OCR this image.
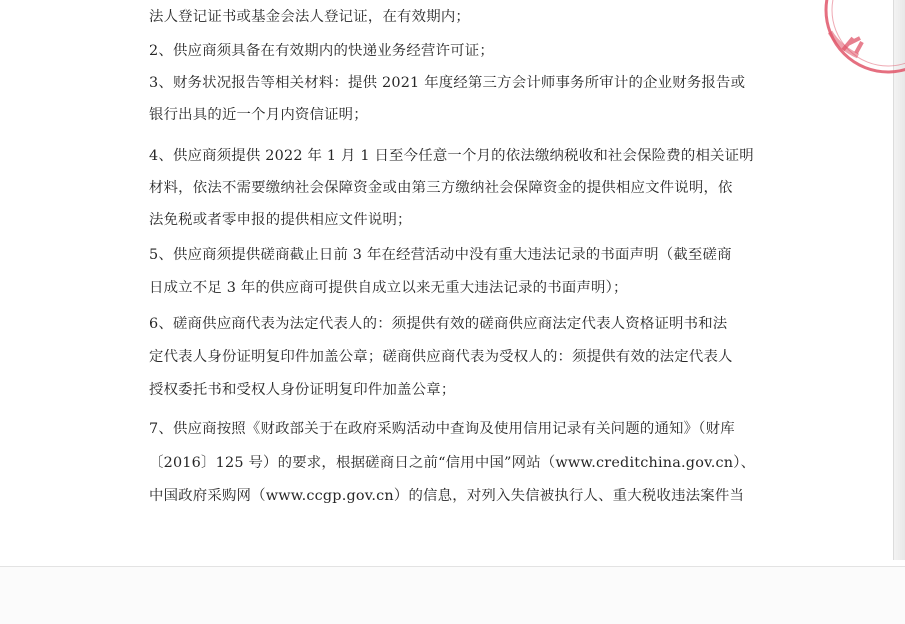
法人登记证书或基金会法人登记证，在有效期内；
2、供应商须具备在有效期内的快递业务经营许可证；
3、财务状况报告等相关材料：提供 2021 年度经第三方会计师事务所审计的企业财务报告或
银行出具的近一个月内资信证明；
4、供应商须提供 2022 年 1 月 1 日至今任意一个月的依法缴纳税收和社会保险费的相关证明
材料，依法不需要缴纳社会保障资金或由第三方缴纳社会保障资金的提供相应文件说明，依
法免税或者零申报的提供相应文件说明；
5、供应商须提供磋商截止日前 3 年在经营活动中没有重大违法记录的书面声明（截至磋商
日成立不足 3 年的供应商可提供自成立以来无重大违法记录的书面声明）；
6、磋商供应商代表为法定代表人的：须提供有效的磋商供应商法定代表人资格证明书和法
定代表人身份证明复印件加盖公章；磋商供应商代表为受权人的：须提供有效的法定代表人
授权委托书和受权人身份证明复印件加盖公章；
7、供应商按照《财政部关于在政府采购活动中查询及使用信用记录有关问题的通知》（财库
〔2016〕125 号）的要求，根据磋商日之前“信用中国”网站（www.creditchina.gov.cn）、
中国政府采购网（www.ccgp.gov.cn）的信息，对列入失信被执行人、重大税收违法案件当
